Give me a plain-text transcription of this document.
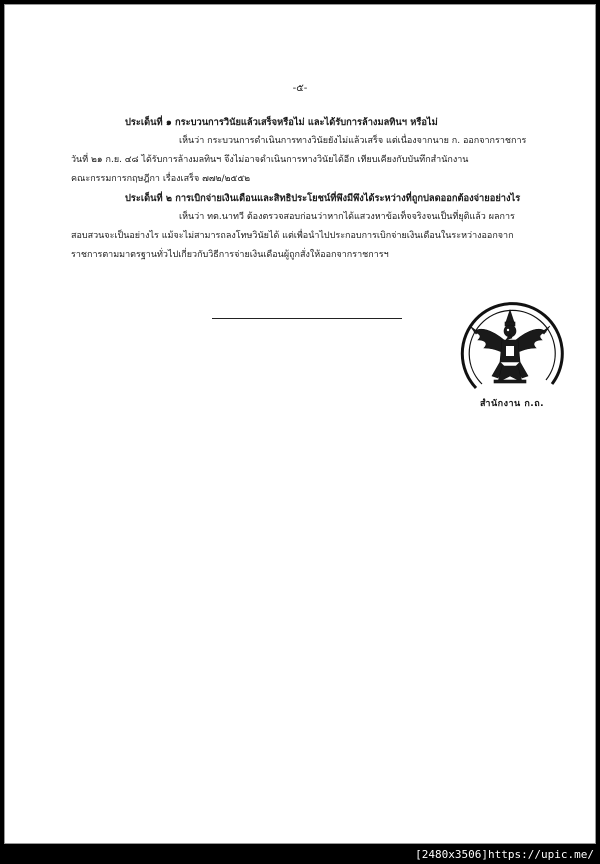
-๕-
ประเด็นที่ ๑ กระบวนการวินัยแล้วเสร็จหรือไม่ และได้รับการล้างมลทินฯ หรือไม่
เห็นว่า กระบวนการดำเนินการทางวินัยยังไม่แล้วเสร็จ แต่เนื่องจากนาย ก. ออกจากราชการ
วันที่ ๒๑ ก.ย. ๔๘ ได้รับการล้างมลทินฯ จึงไม่อาจดำเนินการทางวินัยได้อีก เทียบเคียงกับบันทึกสำนักงาน
คณะกรรมการกฤษฎีกา เรื่องเสร็จ ๗๗๒/๒๕๕๒
ประเด็นที่ ๒ การเบิกจ่ายเงินเดือนและสิทธิประโยชน์ที่พึงมีพึงได้ระหว่างที่ถูกปลดออกต้องจ่ายอย่างไร
เห็นว่า ทต.นาทวี ต้องตรวจสอบก่อนว่าหากได้แสวงหาข้อเท็จจริงจนเป็นที่ยุติแล้ว ผลการ
สอบสวนจะเป็นอย่างไร แม้จะไม่สามารถลงโทษวินัยได้ แต่เพื่อนำไปประกอบการเบิกจ่ายเงินเดือนในระหว่างออกจาก
ราชการตามมาตรฐานทั่วไปเกี่ยวกับวิธีการจ่ายเงินเดือนผู้ถูกสั่งให้ออกจากราชการฯ
สำนักงาน ก.ถ.
[2480x3506]https://upic.me/
